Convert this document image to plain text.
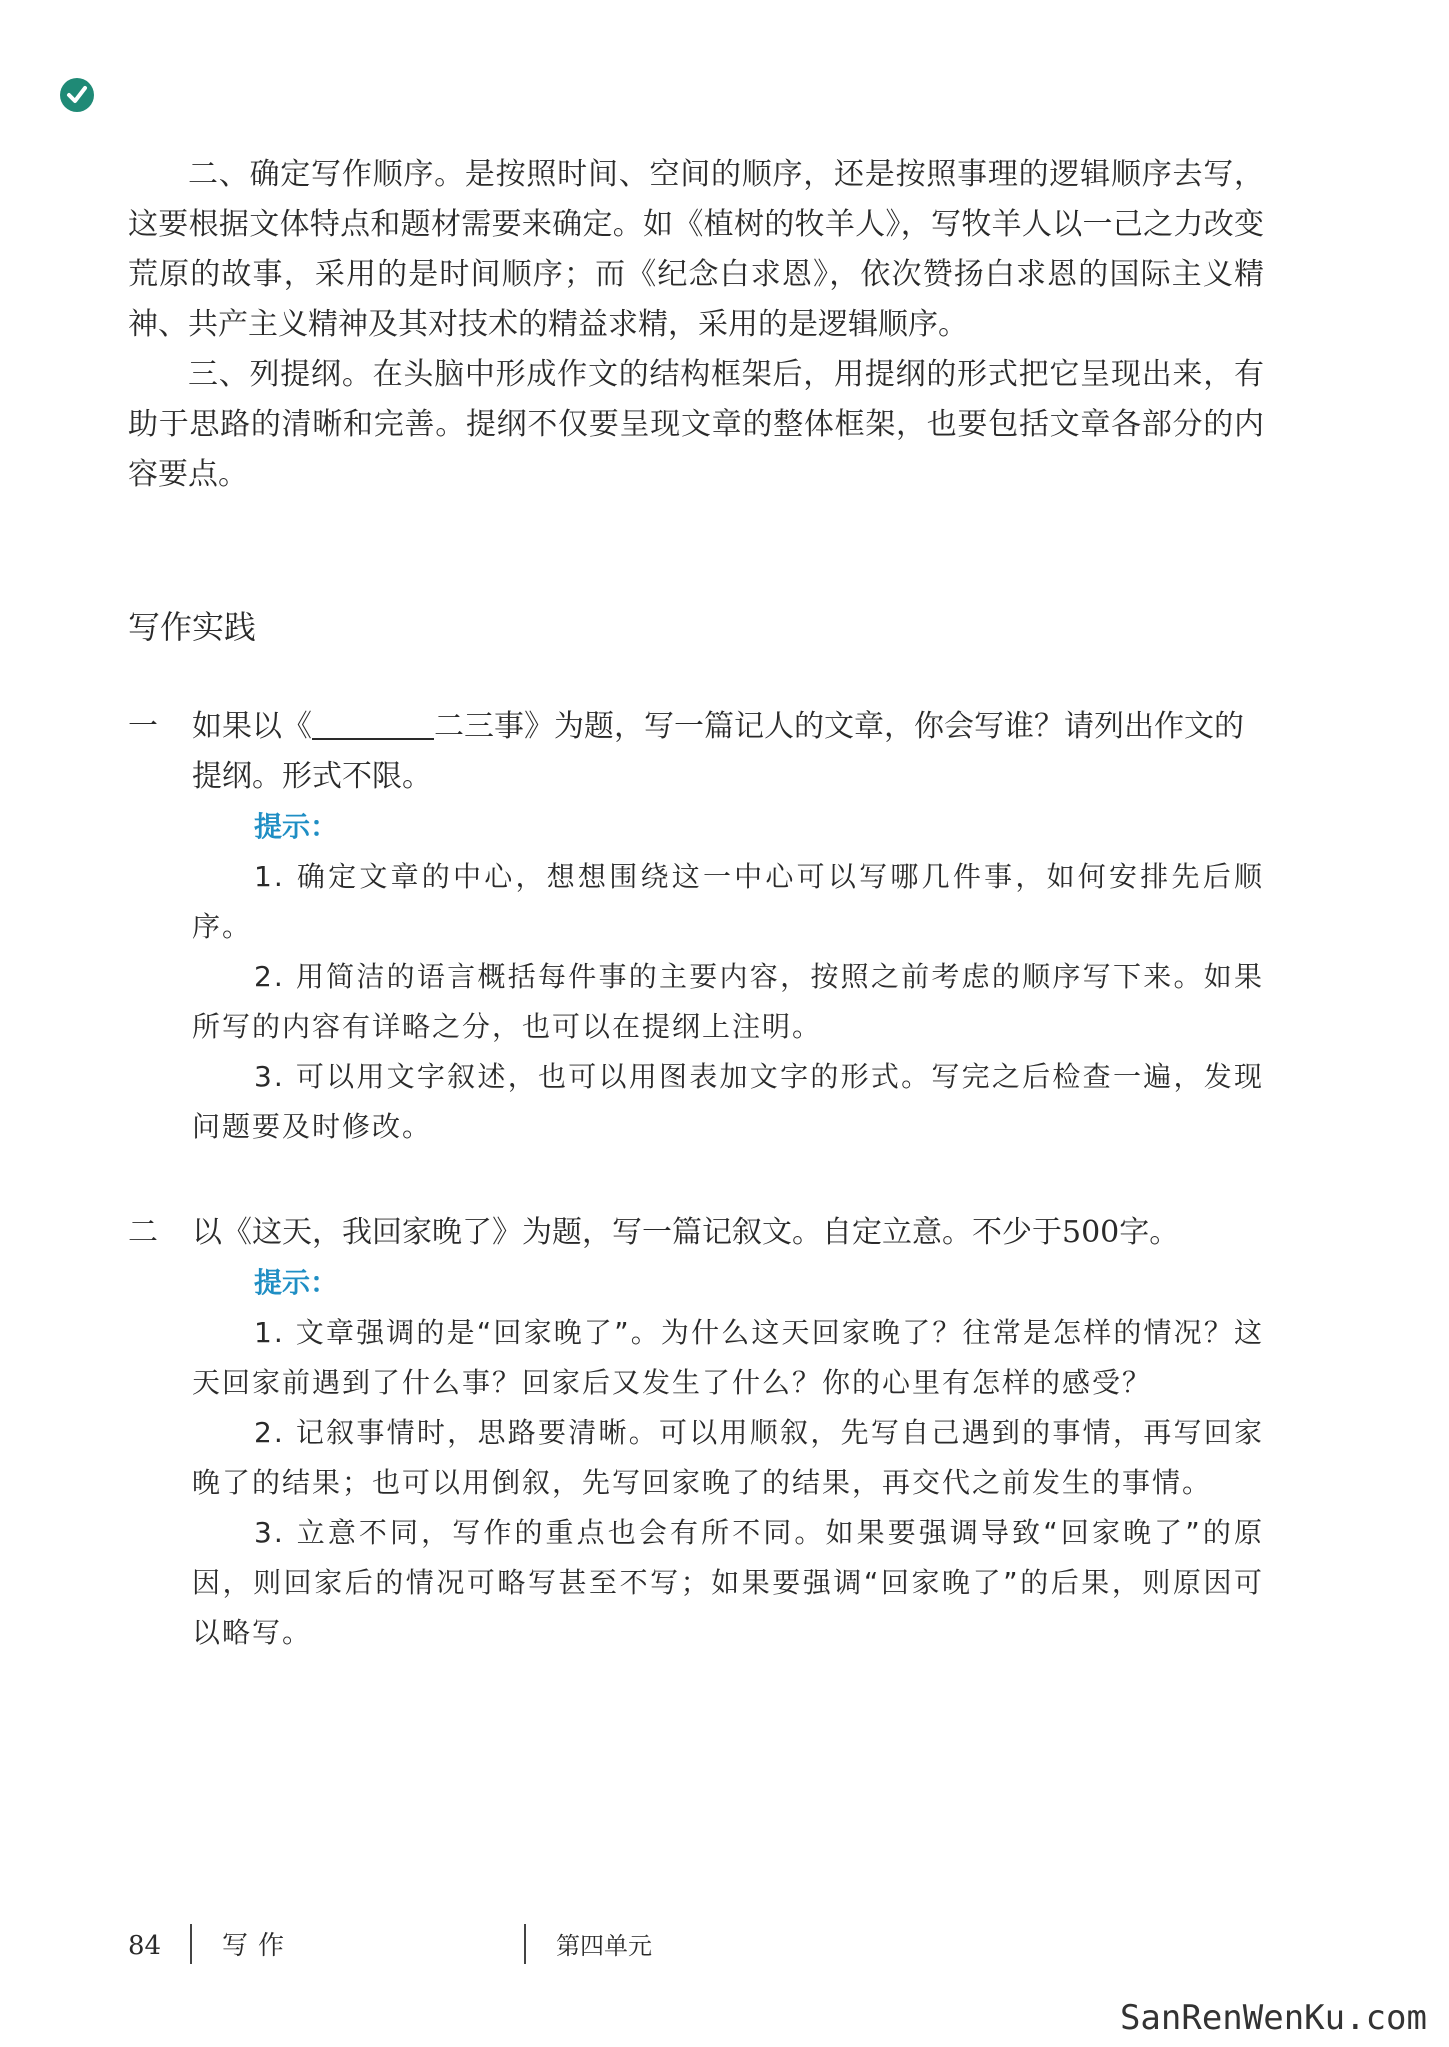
二、确定写作顺序。是按照时间、空间的顺序，还是按照事理的逻辑顺序去写，这要根据文体特点和题材需要来确定。如《植树的牧羊人》，写牧羊人以一己之力改变荒原的故事，采用的是时间顺序；而《纪念白求恩》，依次赞扬白求恩的国际主义精神、共产主义精神及其对技术的精益求精，采用的是逻辑顺序。

三、列提纲。在头脑中形成作文的结构框架后，用提纲的形式把它呈现出来，有助于思路的清晰和完善。提纲不仅要呈现文章的整体框架，也要包括文章各部分的内容要点。

写作实践
一 如果以《	二三事》为题，写一篇记人的文章，你会写谁？请列出作文的提纲。形式不限。
提示：

1. 确定文章的中心，想想围绕这一中心可以写哪几件事，如何安排先后顺序。

2. 用简洁的语言概括每件事的主要内容，按照之前考虑的顺序写下来。如果所写的内容有详略之分，也可以在提纲上注明。

3. 可以用文字叙述，也可以用图表加文字的形式。写完之后检查一遍，发现问题要及时修改。

二 以《这天，我回家晚了》为题，写一篇记叙文。自定立意。不少于500字。
提示：

1. 文章强调的是“回家晚了”。为什么这天回家晚了？往常是怎样的情况？这天回家前遇到了什么事？回家后又发生了什么？你的心里有怎样的感受？

2. 记叙事情时，思路要清晰。可以用顺叙，先写自己遇到的事情，再写回家晚了的结果；也可以用倒叙，先写回家晚了的结果，再交代之前发生的事情。

3. 立意不同，写作的重点也会有所不同。如果要强调导致“回家晚了”的原因，则回家后的情况可略写甚至不写；如果要强调“回家晚了”的后果，则原因可以略写。

84 写作	第四单元
SanRenWenKu.com
